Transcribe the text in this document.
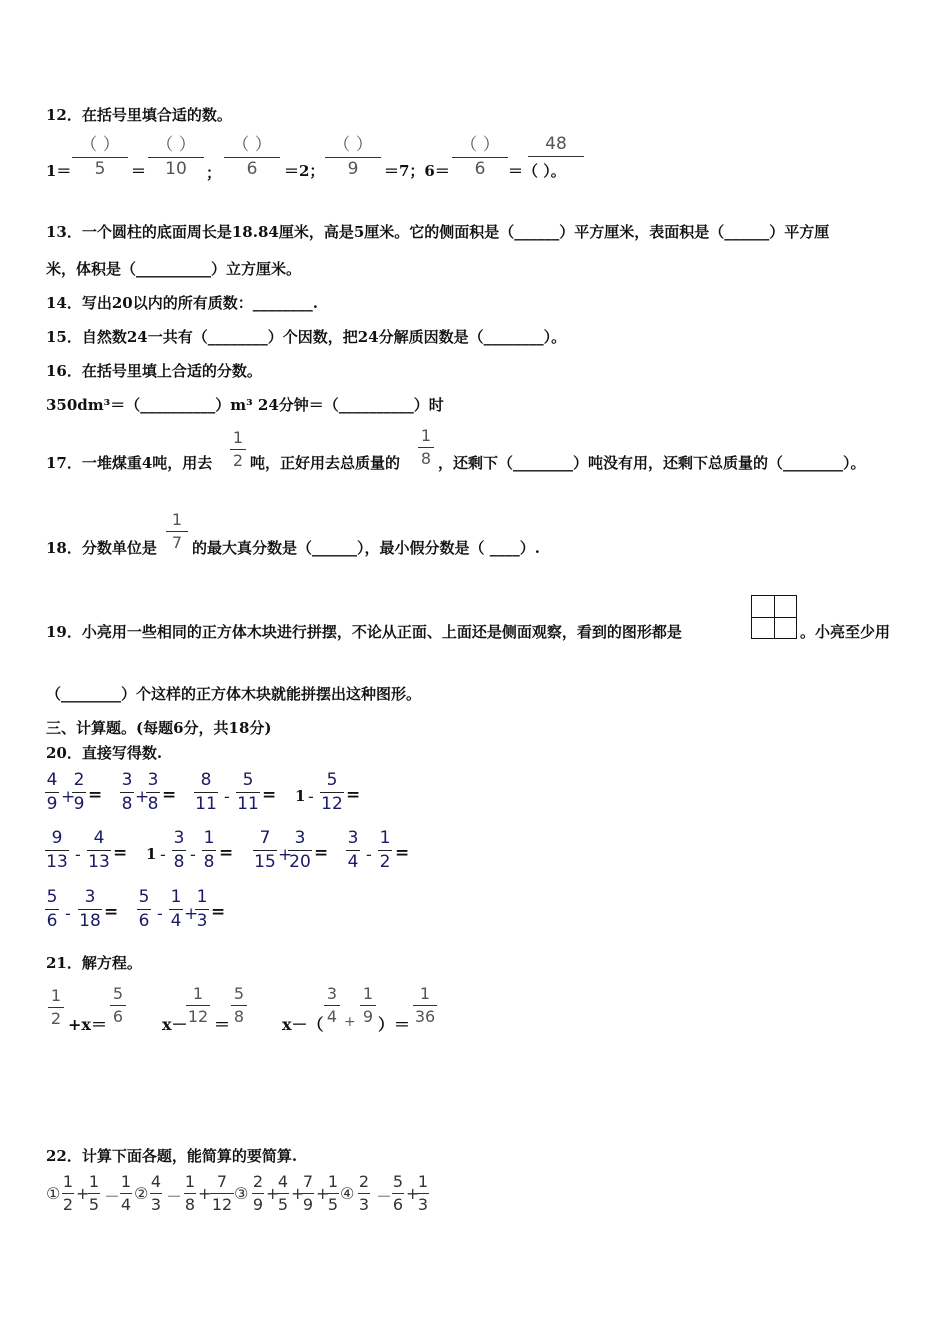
12．在括号里填合适的数。
1＝
（ ）
5	＝
（ ）
10	；
（ ）
6	＝2；
（ ）
9	＝7；6＝
（ ）
6
48

＝（ ）。
13．一个圆柱的底面周长是18.84厘米，高是5厘米。它的侧面积是（______）平方厘米，表面积是（______）平方厘
米，体积是（__________）立方厘米。
14．写出20以内的所有质数：________.
15．自然数24一共有（________）个因数，把24分解质因数是（________）。
16．在括号里填上合适的分数。
350dm³＝（__________）m³ 24分钟＝（__________）时
17．一堆煤重4吨，用去
1
2 吨，正好用去总质量的
1
8 ，还剩下（________）吨没有用，还剩下总质量的（________）。
18．分数单位是
1
7 的最大真分数是（______），最小假分数是（ ____）.
19．小亮用一些相同的正方体木块进行拼摆，不论从正面、上面还是侧面观察，看到的图形都是	。小亮至少用
（________）个这样的正方体木块就能拼摆出这种图形。
三、计算题。(每题6分，共18分)
20．直接写得数.
4
9 +
2
9 =
3
8 +
3
8 =
8
11 -
5
11 = 1 -
5
12 =
9
13 -
4
13 = 1 -
3
8 -
1
8 =
7
15 +
3
20 =
3
4 -
1
2 =
5
6 -
3
18 =
5
6 -
1
4 +
1
3 =
21．解方程。
1
2 +x＝
5
6 x－
1
12 ＝
5
8 x－（
3
4 +
1
9 ）＝
1
36
22．计算下面各题，能简算的要简算.
①
1
2
+
1
5 －
1
4
②
4
3 －
1
8
+
7
12
③
2
9
+
4
5
+
7
9
+
1
5
④
2
3 －
5
6
+
1
3
